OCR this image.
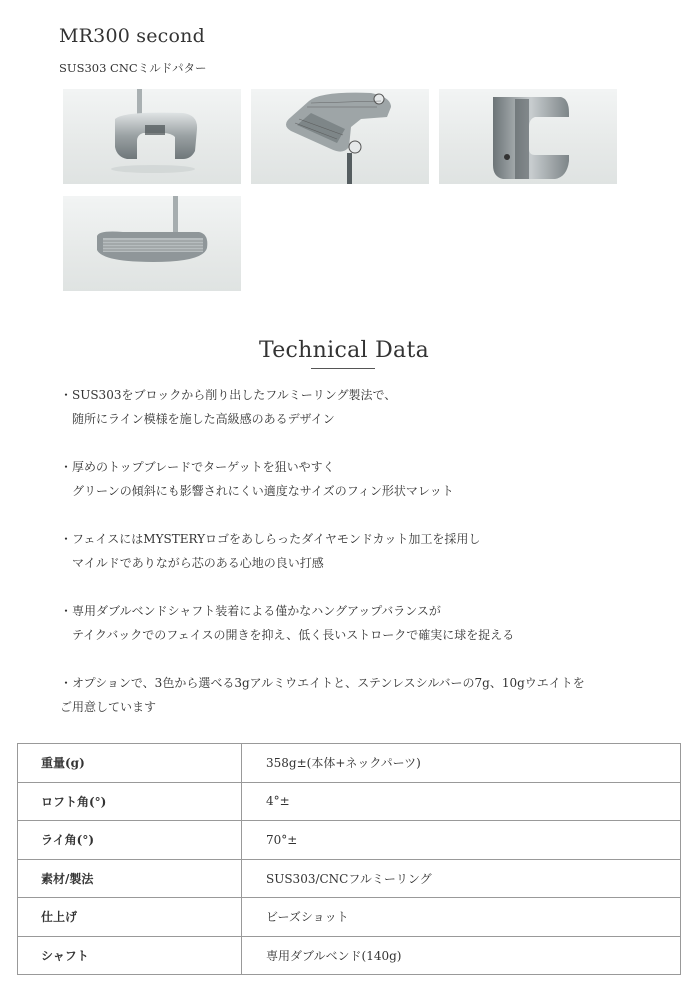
MR300 second
SUS303 CNCミルドパター
Technical Data
・SUS303をブロックから削り出したフルミーリング製法で、
随所にライン模様を施した高級感のあるデザイン
・厚めのトップブレードでターゲットを狙いやすく
グリーンの傾斜にも影響されにくい適度なサイズのフィン形状マレット
・フェイスにはMYSTERYロゴをあしらったダイヤモンドカット加工を採用し
マイルドでありながら芯のある心地の良い打感
・専用ダブルベンドシャフト装着による僅かなハングアップバランスが
テイクバックでのフェイスの開きを抑え、低く長いストロークで確実に球を捉える
・オプションで、3色から選べる3gアルミウエイトと、ステンレスシルバーの7g、10gウエイトを
ご用意しています
重量(g)	358g±(本体+ネックパーツ)
ロフト角(°)	4°±
ライ角(°)	70°±
素材/製法	SUS303/CNCフルミーリング
仕上げ	ビーズショット
シャフト	専用ダブルベンド(140g)
